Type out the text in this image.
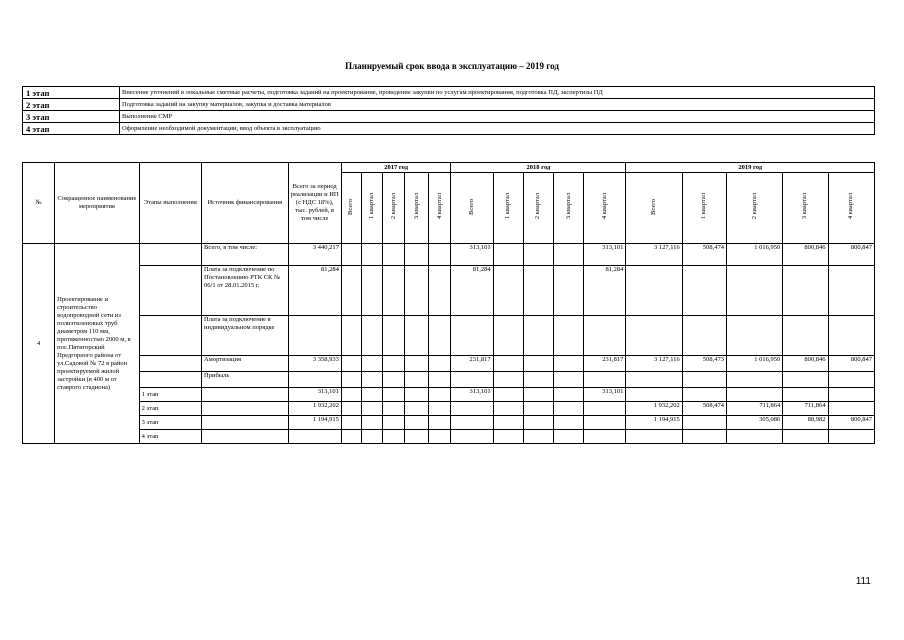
Планируемый срок ввода в эксплуатацию – 2019 год
1 этап	Внесение уточнений в локальные сметные расчеты, подготовка заданий на проектирование, проведение закупки по услугам проектирования, подготовка ПД, экспертизы ПД
2 этап	Подготовка заданий на закупку материалов, закупка и доставка материалов
3 этап	Выполнение СМР
4 этап	Оформление необходимой документации, ввод объекта в эксплуатацию
№	Сокращенное наименование мероприятия	Этапы выполнения	Источник финансирования	Всего за период реализации и ИП (с НДС 18%), тыс. рублей, в том числе	2017 год					2018 год					2019 год				
					Всего	1 квартал	2 квартал	3 квартал	4 квартал	Всего	1 квартал	2 квартал	3 квартал	4 квартал	Всего	1 квартал	2 квартал	3 квартал	4 квартал
4	Проектирование и строительство водопроводной сети из полиэтиленовых труб диаметром 110 мм, протяженностью 2000 м, в пос.Пятигорский Предгорного района от ул.Садовой № 72 в район проектируемой жилой застройки (в 400 м от ставрого стадиона)		Всего, в том числе:	3 440,217						313,101				313,101	3 127,116	508,474	1 016,950	800,846	800,847
			Плата за подключение по Постановлению РТК СК № 06/1 от 28.01.2015 г.	81,284						81,284				81,284					
			Плата за подключение в индивидуальном порядке																
			Амортизация	3 358,933						231,817				231,817	3 127,116	508,473	1 016,950	800,846	800,847
			Прибыль																
		1 этап		313,101						313,101				313,101					
		2 этап		1 932,202											1 932,202	508,474	711,864	711,864	
		3 этап		1 194,915											1 194,915		305,086	88,982	800,847
		4 этап																	
111
